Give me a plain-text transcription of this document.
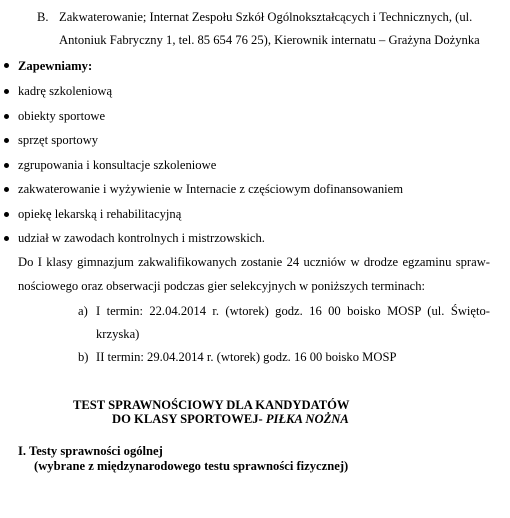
B. Zakwaterowanie; Internat Zespołu Szkół Ogólnokształcących i Technicznych, (ul.
Antoniuk Fabryczny 1, tel. 85 654 76 25), Kierownik internatu – Grażyna Dożynka
Zapewniamy:
kadrę szkoleniową
obiekty sportowe
sprzęt sportowy
zgrupowania i konsultacje szkoleniowe
zakwaterowanie i wyżywienie w Internacie z częściowym dofinansowaniem
opiekę lekarską i rehabilitacyjną
udział w zawodach kontrolnych i mistrzowskich.
Do I klasy gimnazjum zakwalifikowanych zostanie 24 uczniów w drodze egzaminu spraw-
nościowego oraz obserwacji podczas gier selekcyjnych w poniższych terminach:
a) I termin: 22.04.2014 r. (wtorek) godz. 16 00 boisko MOSP (ul. Święto-
krzyska)
b) II termin: 29.04.2014 r. (wtorek) godz. 16 00 boisko MOSP
TEST SPRAWNOŚCIOWY DLA KANDYDATÓW
DO KLASY SPORTOWEJ- PIŁKA NOŻNA
I. Testy sprawności ogólnej
(wybrane z międzynarodowego testu sprawności fizycznej)
